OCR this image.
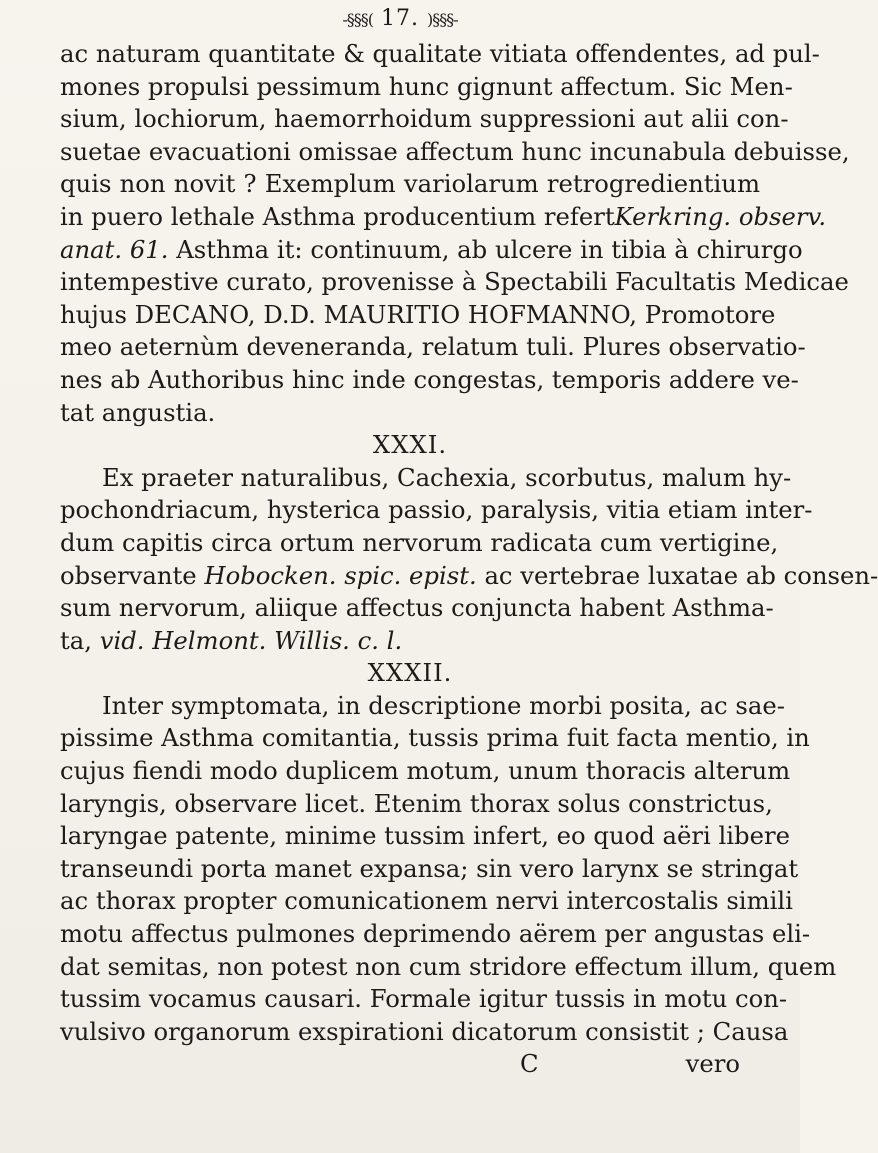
-§§§( 17. )§§§-
ac naturam quantitate & qualitate vitiata offendentes, ad pul-
mones propulsi pessimum hunc gignunt affectum. Sic Men-
sium, lochiorum, haemorrhoidum suppressioni aut alii con-
suetae evacuationi omissae affectum hunc incunabula debuisse,
quis non novit ? Exemplum variolarum retrogredientium
in puero lethale Asthma producentium refertKerkring. observ.
anat. 61. Asthma it: continuum, ab ulcere in tibia à chirurgo
intempestive curato, provenisse à Spectabili Facultatis Medicae
hujus DECANO, D.D. MAURITIO HOFMANNO, Promotore
meo aeternùm deveneranda, relatum tuli. Plures observatio-
nes ab Authoribus hinc inde congestas, temporis addere ve-
tat angustia.
XXXI.
Ex praeter naturalibus, Cachexia, scorbutus, malum hy-
pochondriacum, hysterica passio, paralysis, vitia etiam inter-
dum capitis circa ortum nervorum radicata cum vertigine,
observante Hobocken. spic. epist. ac vertebrae luxatae ab consen-
sum nervorum, aliique affectus conjuncta habent Asthma-
ta, vid. Helmont. Willis. c. l.
XXXII.
Inter symptomata, in descriptione morbi posita, ac sae-
pissime Asthma comitantia, tussis prima fuit facta mentio, in
cujus fiendi modo duplicem motum, unum thoracis alterum
laryngis, observare licet. Etenim thorax solus constrictus,
laryngae patente, minime tussim infert, eo quod aëri libere
transeundi porta manet expansa; sin vero larynx se stringat
ac thorax propter comunicationem nervi intercostalis simili
motu affectus pulmones deprimendo aërem per angustas eli-
dat semitas, non potest non cum stridore effectum illum, quem
tussim vocamus causari. Formale igitur tussis in motu con-
vulsivo organorum exspirationi dicatorum consistit ; Causa
C	vero
